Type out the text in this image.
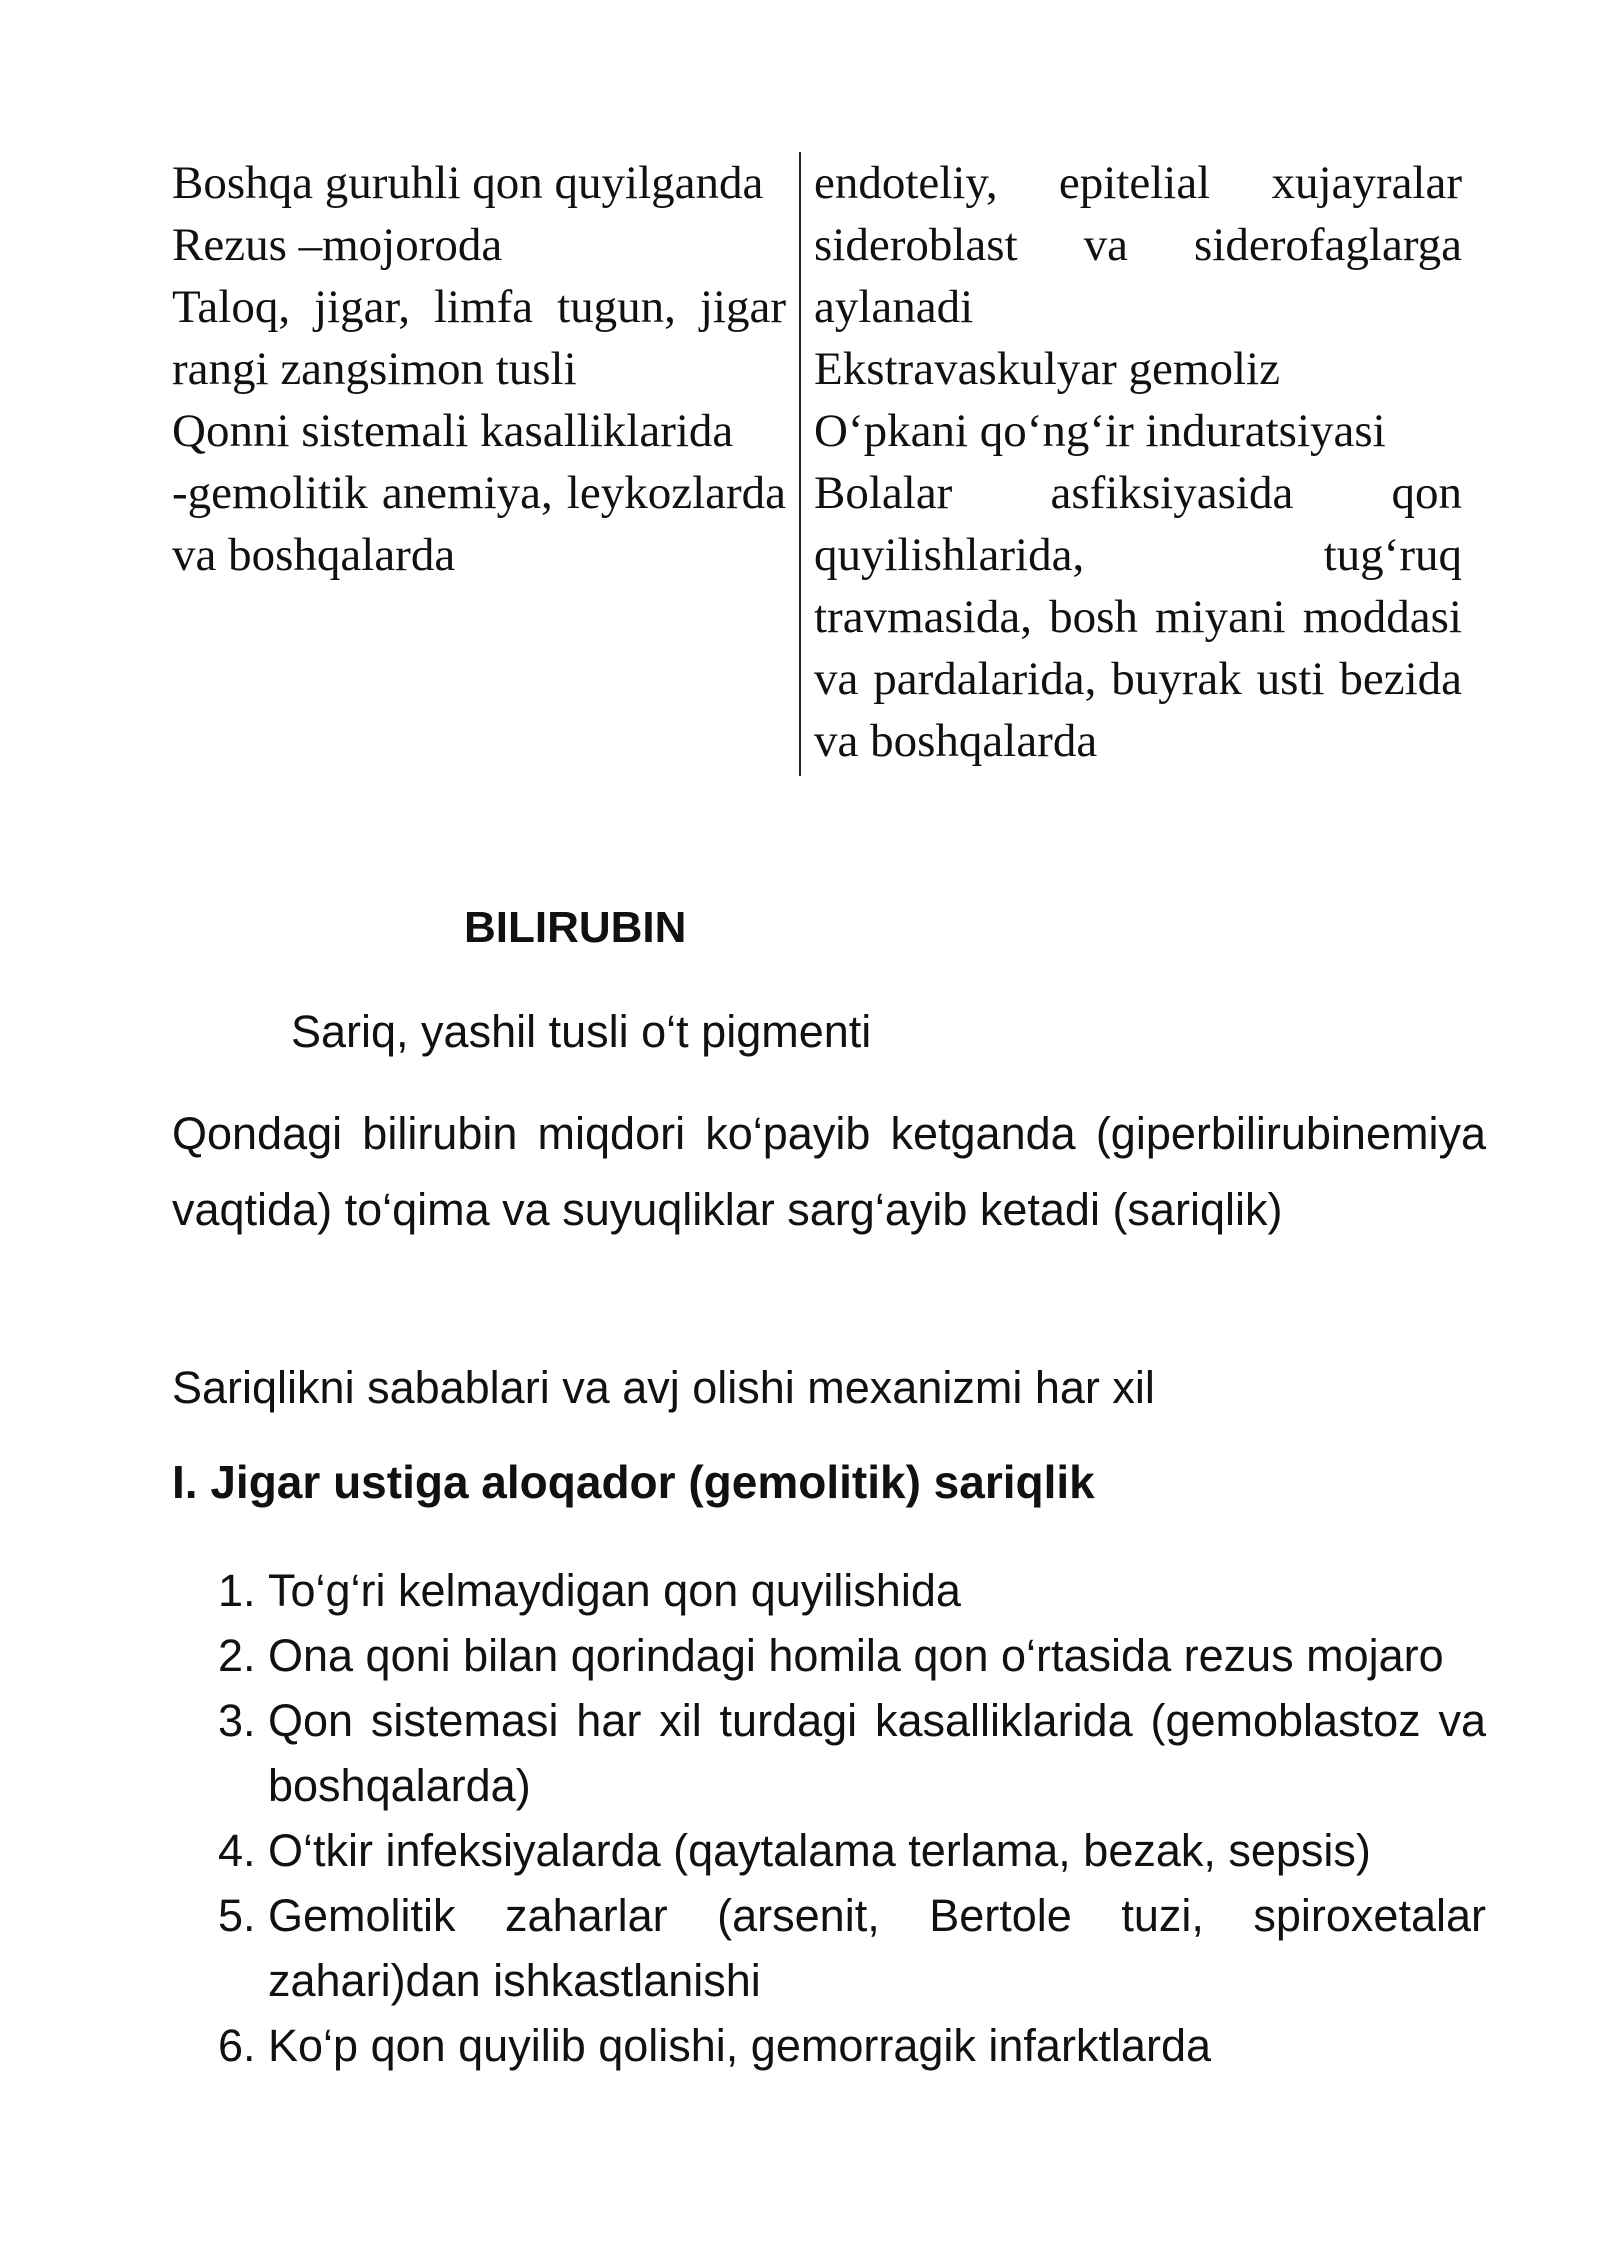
Boshqa guruhli qon quyilganda

Rezus –mojoroda

Taloq, jigar, limfa tugun, jigar rangi zangsimon tusli

Qonni sistemali kasalliklarida

-gemolitik anemiya, leykozlarda va boshqalarda

endoteliy, epitelial xujayralar sideroblast va siderofaglarga aylanadi

Ekstravaskulyar gemoliz

O‘pkani qo‘ng‘ir induratsiyasi

Bolalar asfiksiyasida qon quyilishlarida, tug‘ruq travmasida, bosh miyani moddasi va pardalarida, buyrak usti bezida va boshqalarda

BILIRUBIN

Sariq, yashil tusli o‘t pigmenti

Qondagi bilirubin miqdori ko‘payib ketganda (giperbilirubinemiya vaqtida) to‘qima va suyuqliklar sarg‘ayib ketadi (sariqlik)

Sariqlikni sabablari va avj olishi mexanizmi har xil

I. Jigar ustiga aloqador (gemolitik) sariqlik
1. To‘g‘ri kelmaydigan qon quyilishida
2. Ona qoni bilan qorindagi homila qon o‘rtasida rezus mojaro
3. Qon sistemasi har xil turdagi kasalliklarida (gemoblastoz va boshqalarda)
4. O‘tkir infeksiyalarda (qaytalama terlama, bezak, sepsis)
5. Gemolitik zaharlar (arsenit, Bertole tuzi, spiroxetalar zahari)dan ishkastlanishi
6. Ko‘p qon quyilib qolishi, gemorragik infarktlarda
